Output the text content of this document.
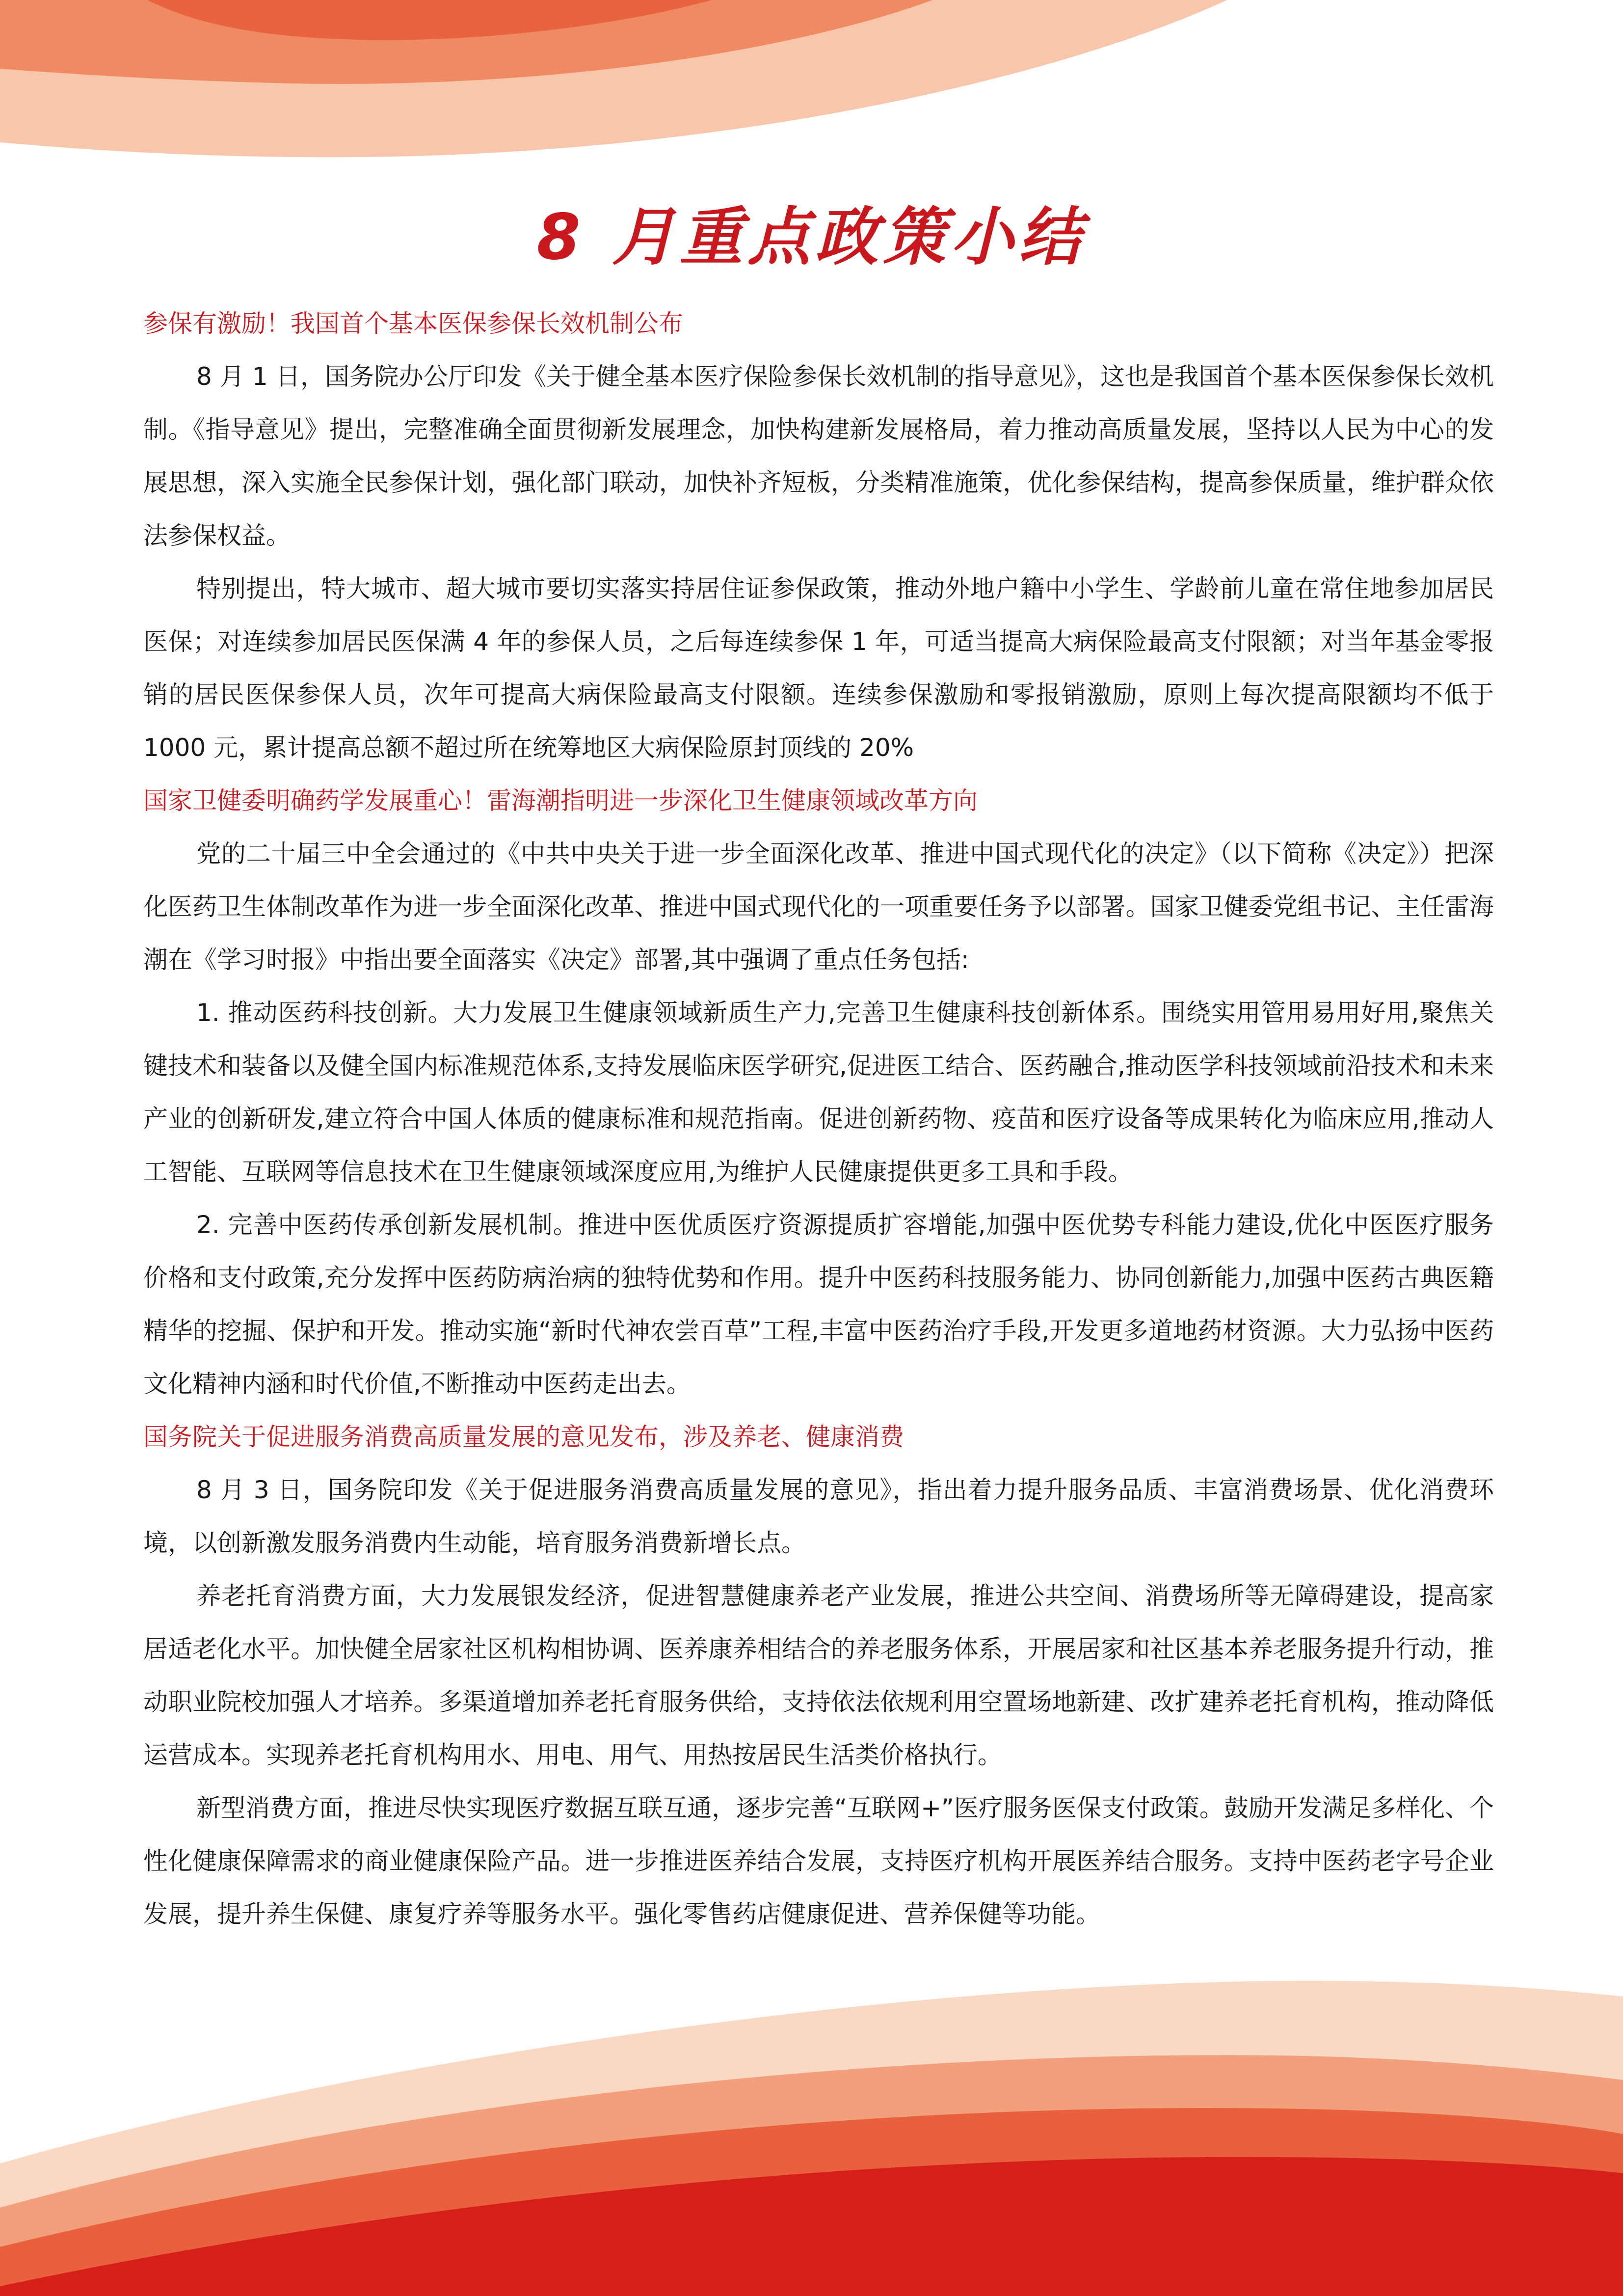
8 月重点政策小结

参保有激励！我国首个基本医保参保长效机制公布

8 月 1 日，国务院办公厅印发《关于健全基本医疗保险参保长效机制的指导意见》，这也是我国首个基本医保参保长效机制。《指导意见》提出，完整准确全面贯彻新发展理念，加快构建新发展格局，着力推动高质量发展，坚持以人民为中心的发展思想，深入实施全民参保计划，强化部门联动，加快补齐短板，分类精准施策，优化参保结构，提高参保质量，维护群众依法参保权益。

特别提出，特大城市、超大城市要切实落实持居住证参保政策，推动外地户籍中小学生、学龄前儿童在常住地参加居民医保；对连续参加居民医保满 4 年的参保人员，之后每连续参保 1 年，可适当提高大病保险最高支付限额；对当年基金零报销的居民医保参保人员，次年可提高大病保险最高支付限额。连续参保激励和零报销激励，原则上每次提高限额均不低于 1000 元，累计提高总额不超过所在统筹地区大病保险原封顶线的 20%

国家卫健委明确药学发展重心！雷海潮指明进一步深化卫生健康领域改革方向

党的二十届三中全会通过的《中共中央关于进一步全面深化改革、推进中国式现代化的决定》（以下简称《决定》）把深化医药卫生体制改革作为进一步全面深化改革、推进中国式现代化的一项重要任务予以部署。国家卫健委党组书记、主任雷海潮在《学习时报》中指出要全面落实《决定》部署,其中强调了重点任务包括:

1. 推动医药科技创新。大力发展卫生健康领域新质生产力,完善卫生健康科技创新体系。围绕实用管用易用好用,聚焦关键技术和装备以及健全国内标准规范体系,支持发展临床医学研究,促进医工结合、医药融合,推动医学科技领域前沿技术和未来产业的创新研发,建立符合中国人体质的健康标准和规范指南。促进创新药物、疫苗和医疗设备等成果转化为临床应用,推动人工智能、互联网等信息技术在卫生健康领域深度应用,为维护人民健康提供更多工具和手段。

2. 完善中医药传承创新发展机制。推进中医优质医疗资源提质扩容增能,加强中医优势专科能力建设,优化中医医疗服务价格和支付政策,充分发挥中医药防病治病的独特优势和作用。提升中医药科技服务能力、协同创新能力,加强中医药古典医籍精华的挖掘、保护和开发。推动实施“新时代神农尝百草”工程,丰富中医药治疗手段,开发更多道地药材资源。大力弘扬中医药文化精神内涵和时代价值,不断推动中医药走出去。

国务院关于促进服务消费高质量发展的意见发布，涉及养老、健康消费

8 月 3 日，国务院印发《关于促进服务消费高质量发展的意见》，指出着力提升服务品质、丰富消费场景、优化消费环境，以创新激发服务消费内生动能，培育服务消费新增长点。

养老托育消费方面，大力发展银发经济，促进智慧健康养老产业发展，推进公共空间、消费场所等无障碍建设，提高家居适老化水平。加快健全居家社区机构相协调、医养康养相结合的养老服务体系，开展居家和社区基本养老服务提升行动，推动职业院校加强人才培养。多渠道增加养老托育服务供给，支持依法依规利用空置场地新建、改扩建养老托育机构，推动降低运营成本。实现养老托育机构用水、用电、用气、用热按居民生活类价格执行。

新型消费方面，推进尽快实现医疗数据互联互通，逐步完善“互联网+”医疗服务医保支付政策。鼓励开发满足多样化、个性化健康保障需求的商业健康保险产品。进一步推进医养结合发展，支持医疗机构开展医养结合服务。支持中医药老字号企业发展，提升养生保健、康复疗养等服务水平。强化零售药店健康促进、营养保健等功能。
